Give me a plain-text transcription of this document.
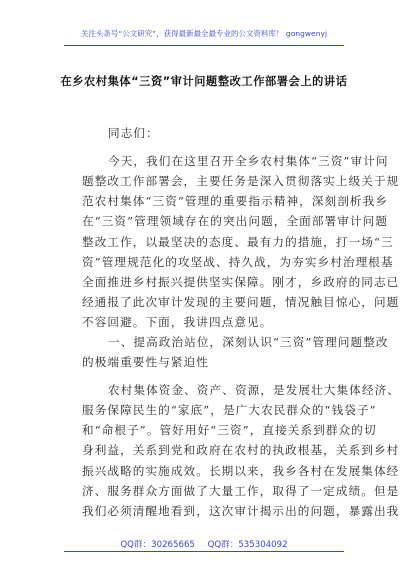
关注头条号“公文研究”，获得最新最全最专业的公文资料库！ gongwenyj
在乡农村集体“三资”审计问题整改工作部署会上的讲话
同志们：
今天，我们在这里召开全乡农村集体“三资”审计问
题整改工作部署会，主要任务是深入贯彻落实上级关于规
范农村集体“三资”管理的重要指示精神，深刻剖析我乡
在“三资”管理领域存在的突出问题，全面部署审计问题
整改工作，以最坚决的态度、最有力的措施，打一场“三
资”管理规范化的攻坚战、持久战，为夯实乡村治理根基
全面推进乡村振兴提供坚实保障。刚才，乡政府的同志已
经通报了此次审计发现的主要问题，情况触目惊心，问题
不容回避。下面，我讲四点意见。
一、提高政治站位，深刻认识“三资”管理问题整改
的极端重要性与紧迫性
农村集体资金、资产、资源，是发展壮大集体经济、
服务保障民生的“家底”，是广大农民群众的“钱袋子”
和“命根子”。管好用好“三资”，直接关系到群众的切
身利益，关系到党和政府在农村的执政根基，关系到乡村
振兴战略的实施成效。长期以来，我乡各村在发展集体经
济、服务群众方面做了大量工作，取得了一定成绩。但是
我们必须清醒地看到，这次审计揭示出的问题，暴露出我
QQ群：30265665 QQ群：535304092
